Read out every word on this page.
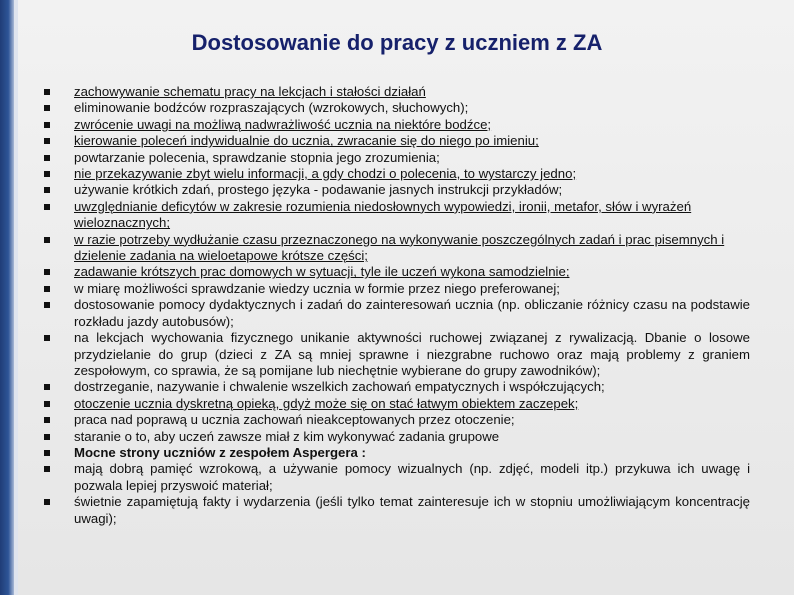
Dostosowanie do pracy z uczniem z ZA
zachowywanie schematu pracy na lekcjach i stałości działań
eliminowanie bodźców rozpraszających (wzrokowych, słuchowych);
zwrócenie uwagi na możliwą nadwrażliwość ucznia na niektóre bodźce;
kierowanie poleceń indywidualnie do ucznia, zwracanie się do niego po imieniu;
powtarzanie polecenia, sprawdzanie stopnia jego zrozumienia;
nie przekazywanie zbyt wielu informacji, a gdy chodzi o polecenia, to wystarczy jedno;
używanie krótkich zdań, prostego języka - podawanie jasnych instrukcji przykładów;
uwzględnianie deficytów w zakresie rozumienia niedosłownych wypowiedzi, ironii, metafor, słów i wyrażeń wieloznacznych;
w razie potrzeby wydłużanie czasu przeznaczonego na wykonywanie poszczególnych zadań i prac pisemnych i dzielenie zadania na wieloetapowe krótsze części;
zadawanie krótszych prac domowych w sytuacji, tyle ile uczeń wykona samodzielnie;
w miarę możliwości sprawdzanie wiedzy ucznia w formie przez niego preferowanej;
dostosowanie pomocy dydaktycznych i zadań do zainteresowań ucznia (np. obliczanie różnicy czasu na podstawie rozkładu jazdy autobusów);
na lekcjach wychowania fizycznego unikanie aktywności ruchowej związanej z rywalizacją. Dbanie o losowe przydzielanie do grup (dzieci z ZA są mniej sprawne i niezgrabne ruchowo oraz mają problemy z graniem zespołowym, co sprawia, że są pomijane lub niechętnie wybierane do grupy zawodników);
dostrzeganie, nazywanie i chwalenie wszelkich zachowań empatycznych i współczujących;
otoczenie ucznia dyskretną opieką, gdyż może się on stać łatwym obiektem zaczepek;
praca nad poprawą u ucznia zachowań nieakceptowanych przez otoczenie;
staranie o to, aby uczeń zawsze miał z kim wykonywać zadania grupowe
Mocne strony uczniów z zespołem Aspergera :
mają dobrą pamięć wzrokową, a używanie pomocy wizualnych (np. zdjęć, modeli itp.) przykuwa ich uwagę i pozwala lepiej przyswoić materiał;
świetnie zapamiętują fakty i wydarzenia (jeśli tylko temat zainteresuje ich w stopniu umożliwiającym koncentrację uwagi);
